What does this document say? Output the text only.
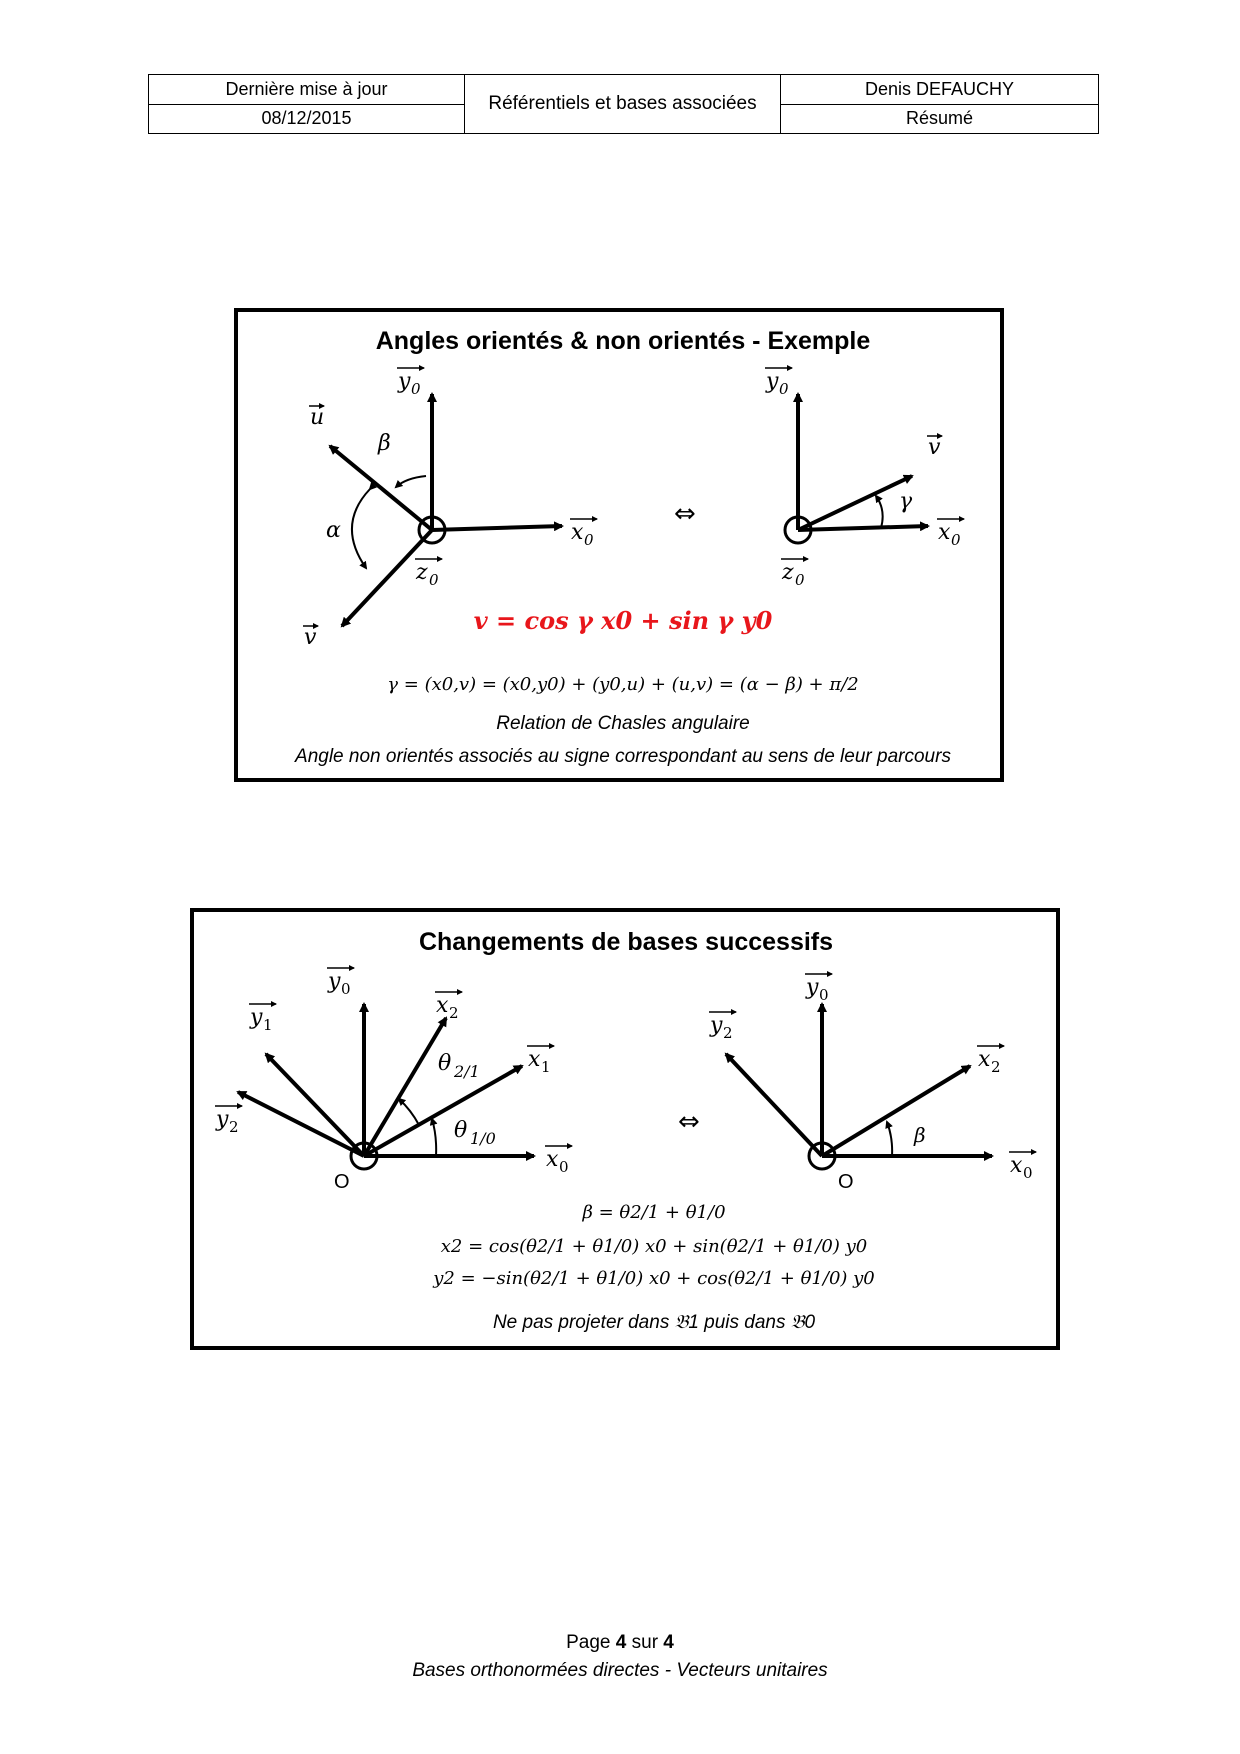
Dernière mise à jour	Référentiels et bases associées	Denis DEFAUCHY
08/12/2015		Résumé
Angles orientés & non orientés - Exemple
β
α
y 0
x 0
z 0
u
v
⇔	γ
y 0
x 0
z 0
v
v = cos γ x0 + sin γ y0
γ = (x0,v) = (x0,y0) + (y0,u) + (u,v) = (α − β) + π/2
Relation de Chasles angulaire
Angle non orientés associés au signe correspondant au sens de leur parcours
Changements de bases successifs
O
y 0
x 2
y 1
x 1
y 2
x 0
θ 2/1
θ 1/0
⇔	β
O
y 0
y 2
x 2
x 0
β = θ2/1 + θ1/0
x2 = cos(θ2/1 + θ1/0) x0 + sin(θ2/1 + θ1/0) y0
y2 = −sin(θ2/1 + θ1/0) x0 + cos(θ2/1 + θ1/0) y0
Ne pas projeter dans 𝔅1 puis dans 𝔅0
Page 4 sur 4
Bases orthonormées directes - Vecteurs unitaires
